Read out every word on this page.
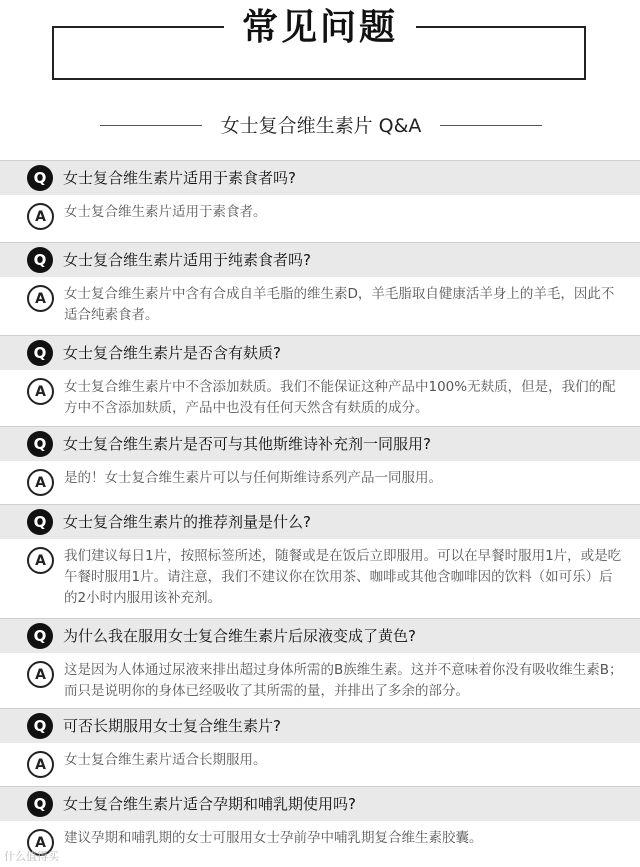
常见问题
女士复合维生素片 Q&A
Q	女士复合维生素片适用于素食者吗?
A	女士复合维生素片适用于素食者。
Q	女士复合维生素片适用于纯素食者吗?
A	女士复合维生素片中含有合成自羊毛脂的维生素D，羊毛脂取自健康活羊身上的羊毛，因此不适合纯素食者。
Q	女士复合维生素片是否含有麸质?
A	女士复合维生素片中不含添加麸质。我们不能保证这种产品中100%无麸质，但是，我们的配方中不含添加麸质，产品中也没有任何天然含有麸质的成分。
Q	女士复合维生素片是否可与其他斯维诗补充剂一同服用?
A	是的！女士复合维生素片可以与任何斯维诗系列产品一同服用。
Q	女士复合维生素片的推荐剂量是什么?
A	我们建议每日1片，按照标签所述，随餐或是在饭后立即服用。可以在早餐时服用1片，或是吃午餐时服用1片。请注意，我们不建议你在饮用茶、咖啡或其他含咖啡因的饮料（如可乐）后的2小时内服用该补充剂。
Q	为什么我在服用女士复合维生素片后尿液变成了黄色?
A	这是因为人体通过尿液来排出超过身体所需的B族维生素。这并不意味着你没有吸收维生素B；而只是说明你的身体已经吸收了其所需的量，并排出了多余的部分。
Q	可否长期服用女士复合维生素片?
A	女士复合维生素片适合长期服用。
Q	女士复合维生素片适合孕期和哺乳期使用吗?
A	建议孕期和哺乳期的女士可服用女士孕前孕中哺乳期复合维生素胶囊。
什么值得买
